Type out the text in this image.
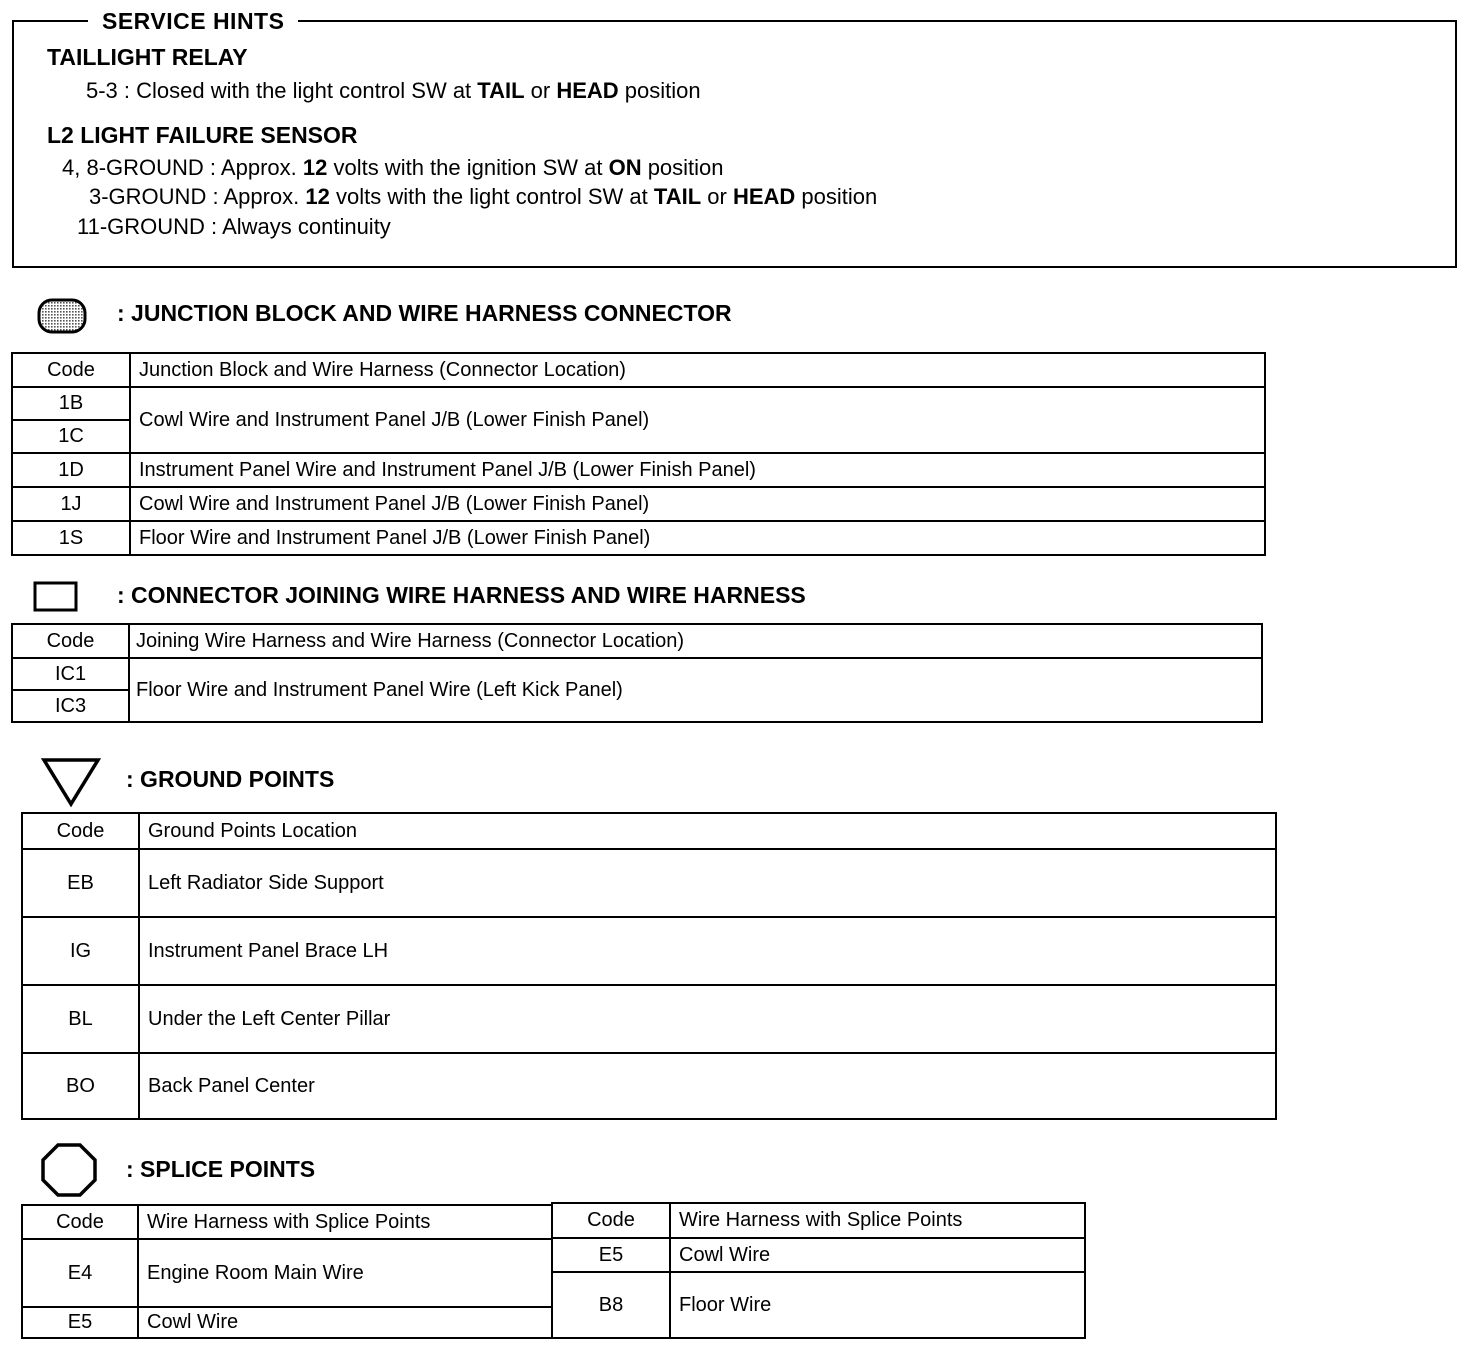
SERVICE HINTS
TAILLIGHT RELAY
5-3 : Closed with the light control SW at TAIL or HEAD position
L2 LIGHT FAILURE SENSOR
4, 8-GROUND : Approx. 12 volts with the ignition SW at ON position
3-GROUND : Approx. 12 volts with the light control SW at TAIL or HEAD position
11-GROUND : Always continuity
: JUNCTION BLOCK AND WIRE HARNESS CONNECTOR
Code	Junction Block and Wire Harness (Connector Location)
1B	Cowl Wire and Instrument Panel J/B (Lower Finish Panel)
1C	
1D	Instrument Panel Wire and Instrument Panel J/B (Lower Finish Panel)
1J	Cowl Wire and Instrument Panel J/B (Lower Finish Panel)
1S	Floor Wire and Instrument Panel J/B (Lower Finish Panel)
: CONNECTOR JOINING WIRE HARNESS AND WIRE HARNESS
Code	Joining Wire Harness and Wire Harness (Connector Location)
IC1	Floor Wire and Instrument Panel Wire (Left Kick Panel)
IC3	
: GROUND POINTS
Code	Ground Points Location
EB	Left Radiator Side Support
IG	Instrument Panel Brace LH
BL	Under the Left Center Pillar
BO	Back Panel Center
: SPLICE POINTS
Code	Wire Harness with Splice Points
E4	Engine Room Main Wire
E5	Cowl Wire
Code	Wire Harness with Splice Points
E5	Cowl Wire
B8	Floor Wire
